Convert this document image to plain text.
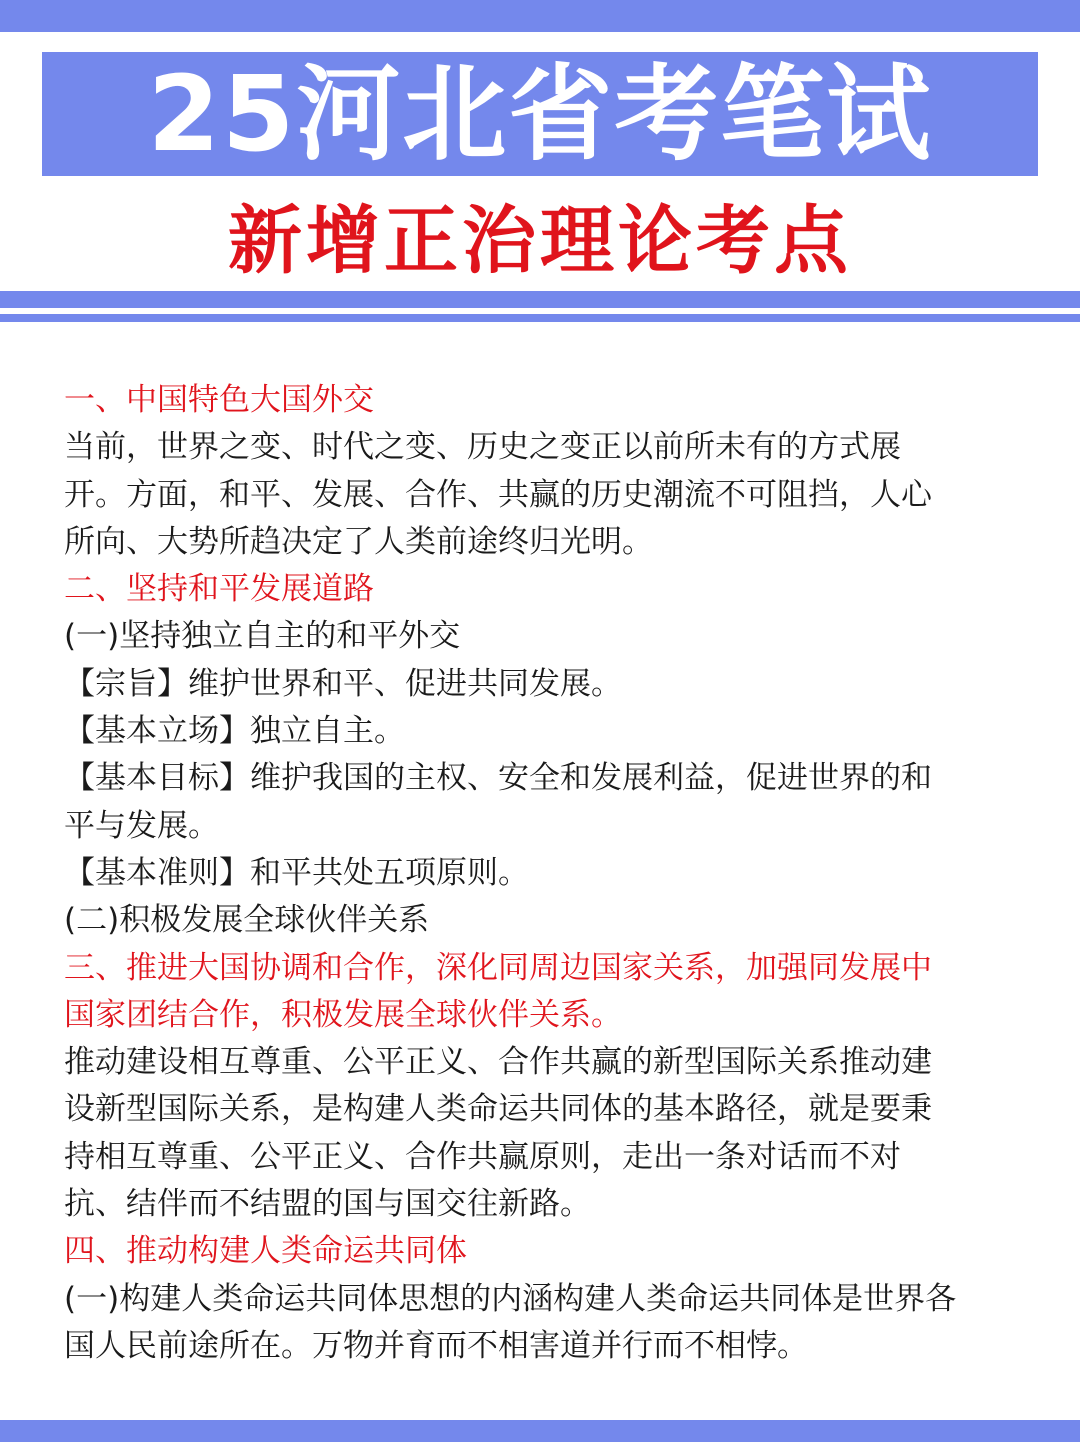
25河北省考笔试
新增正治理论考点

一、中国特色大国外交

当前，世界之变、时代之变、历史之变正以前所未有的方式展

开。方面，和平、发展、合作、共赢的历史潮流不可阻挡，人心

所向、大势所趋决定了人类前途终归光明。

二、坚持和平发展道路

(一)坚持独立自主的和平外交

【宗旨】维护世界和平、促进共同发展。

【基本立场】独立自主。

【基本目标】维护我国的主权、安全和发展利益，促进世界的和

平与发展。

【基本准则】和平共处五项原则。

(二)积极发展全球伙伴关系

三、推进大国协调和合作，深化同周边国家关系，加强同发展中

国家团结合作，积极发展全球伙伴关系。

推动建设相互尊重、公平正义、合作共赢的新型国际关系推动建

设新型国际关系，是构建人类命运共同体的基本路径，就是要秉

持相互尊重、公平正义、合作共赢原则，走出一条对话而不对

抗、结伴而不结盟的国与国交往新路。

四、推动构建人类命运共同体

(一)构建人类命运共同体思想的内涵构建人类命运共同体是世界各

国人民前途所在。万物并育而不相害道并行而不相悖。
